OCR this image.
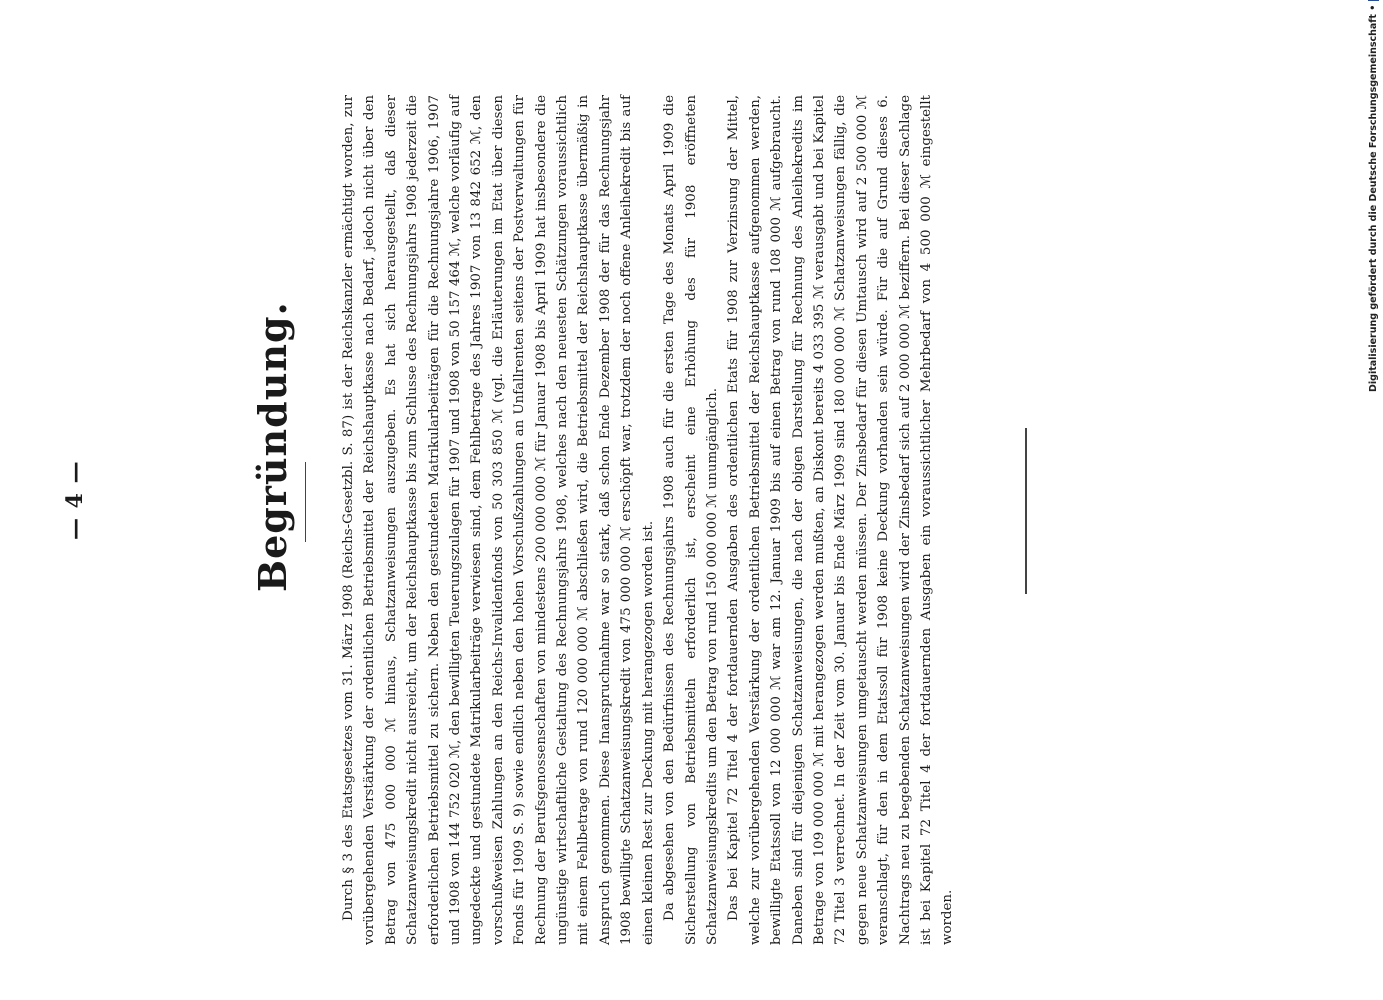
— 4 —	Begründung.	Durch § 3 des Etatsgesetzes vom 31. März 1908 (Reichs-Gesetzbl. S. 87) ist der Reichskanzler ermächtigt worden, zur vorübergehenden Verstärkung der ordentlichen Betriebsmittel der Reichshauptkasse nach Bedarf, jedoch nicht über den Betrag von 475 000 000 ℳ hinaus, Schatzanweisungen auszugeben. Es hat sich herausgestellt, daß dieser Schatzanweisungskredit nicht ausreicht, um der Reichshauptkasse bis zum Schlusse des Rechnungsjahrs 1908 jederzeit die erforderlichen Betriebsmittel zu sichern. Neben den gestundeten Matrikularbeiträgen für die Rechnungsjahre 1906, 1907 und 1908 von 144 752 020 ℳ, den bewilligten Teuerungszulagen für 1907 und 1908 von 50 157 464 ℳ, welche vorläufig auf ungedeckte und gestundete Matrikularbeiträge verwiesen sind, dem Fehlbetrage des Jahres 1907 von 13 842 652 ℳ, den vorschußweisen Zahlungen an den Reichs-Invalidenfonds von 50 303 850 ℳ (vgl. die Erläuterungen im Etat über diesen Fonds für 1909 S. 9) sowie endlich neben den hohen Vorschußzahlungen an Unfallrenten seitens der Postverwaltungen für Rechnung der Berufsgenossenschaften von mindestens 200 000 000 ℳ für Januar 1908 bis April 1909 hat insbesondere die ungünstige wirtschaftliche Gestaltung des Rechnungsjahrs 1908, welches nach den neuesten Schätzungen voraussichtlich mit einem Fehlbetrage von rund 120 000 000 ℳ abschließen wird, die Betriebsmittel der Reichshauptkasse übermäßig in Anspruch genommen. Diese Inanspruchnahme war so stark, daß schon Ende Dezember 1908 der für das Rechnungsjahr 1908 bewilligte Schatzanweisungskredit von 475 000 000 ℳ erschöpft war, trotzdem der noch offene Anleihekredit bis auf einen kleinen Rest zur Deckung mit herangezogen worden ist. Da abgesehen von den Bedürfnissen des Rechnungsjahrs 1908 auch für die ersten Tage des Monats April 1909 die Sicherstellung von Betriebsmitteln erforderlich ist, erscheint eine Erhöhung des für 1908 eröffneten Schatzanweisungskredits um den Betrag von rund 150 000 000 ℳ unumgänglich. Das bei Kapitel 72 Titel 4 der fortdauernden Ausgaben des ordentlichen Etats für 1908 zur Verzinsung der Mittel, welche zur vorübergehenden Verstärkung der ordentlichen Betriebsmittel der Reichshauptkasse aufgenommen werden, bewilligte Etatssoll von 12 000 000 ℳ war am 12. Januar 1909 bis auf einen Betrag von rund 108 000 ℳ aufgebraucht. Daneben sind für diejenigen Schatzanweisungen, die nach der obigen Darstellung für Rechnung des Anleihekredits im Betrage von 109 000 000 ℳ mit herangezogen werden mußten, an Diskont bereits 4 033 395 ℳ verausgabt und bei Kapitel 72 Titel 3 verrechnet. In der Zeit vom 30. Januar bis Ende März 1909 sind 180 000 000 ℳ Schatzanweisungen fällig, die gegen neue Schatzanweisungen umgetauscht werden müssen. Der Zinsbedarf für diesen Umtausch wird auf 2 500 000 ℳ veranschlagt, für den in dem Etatssoll für 1908 keine Deckung vorhanden sein würde. Für die auf Grund dieses 6. Nachtrags neu zu begebenden Schatzanweisungen wird der Zinsbedarf sich auf 2 000 000 ℳ beziffern. Bei dieser Sachlage ist bei Kapitel 72 Titel 4 der fortdauernden Ausgaben ein voraussichtlicher Mehrbedarf von 4 500 000 ℳ eingestellt worden.

Digitalisierung gefördert durch die Deutsche Forschungsgemeinschaft •
